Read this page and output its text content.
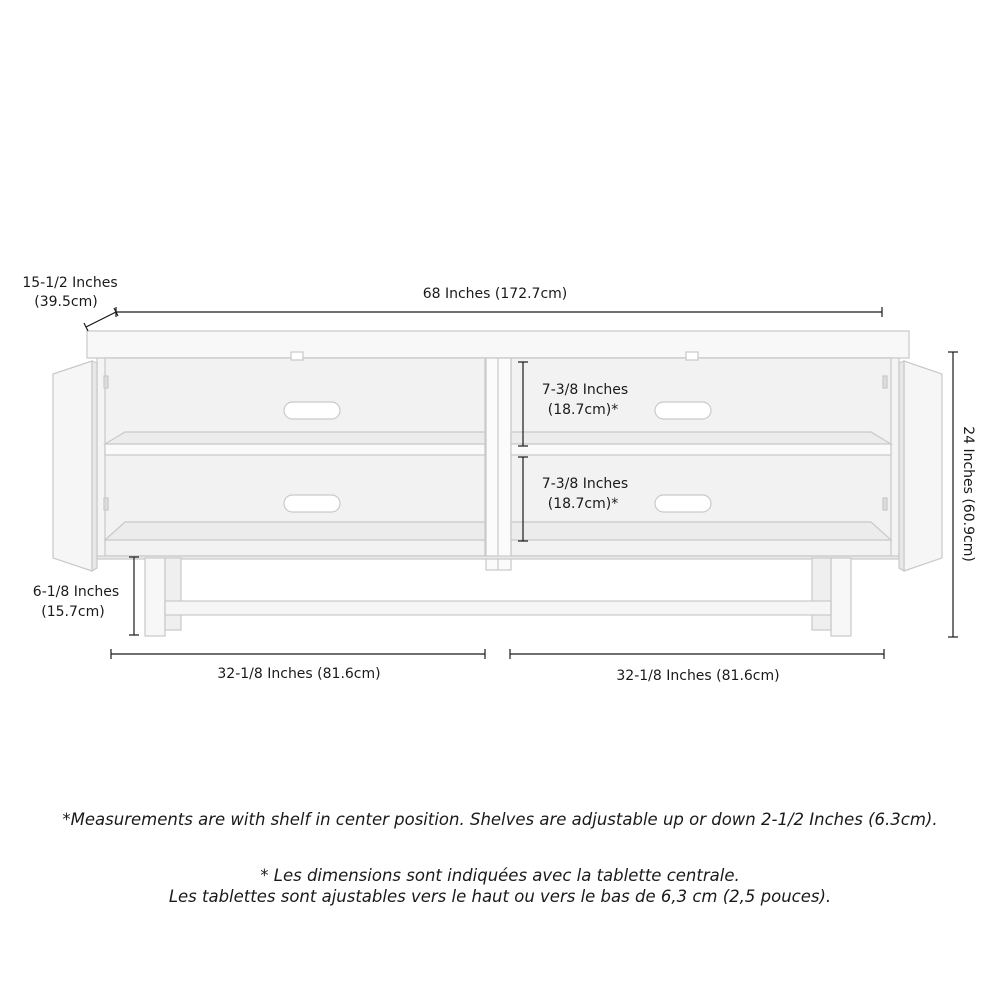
15-1/2 Inches
(39.5cm)	68 Inches (172.7cm)
24 Inches (60.9cm)
7-3/8 Inches
(18.7cm)*
7-3/8 Inches
(18.7cm)*
6-1/8 Inches
(15.7cm)
32-1/8 Inches (81.6cm)	32-1/8 Inches (81.6cm)
*Measurements are with shelf in center position. Shelves are adjustable up or down 2-1/2 Inches (6.3cm).
* Les dimensions sont indiquées avec la tablette centrale.
Les tablettes sont ajustables vers le haut ou vers le bas de 6,3 cm (2,5 pouces).
